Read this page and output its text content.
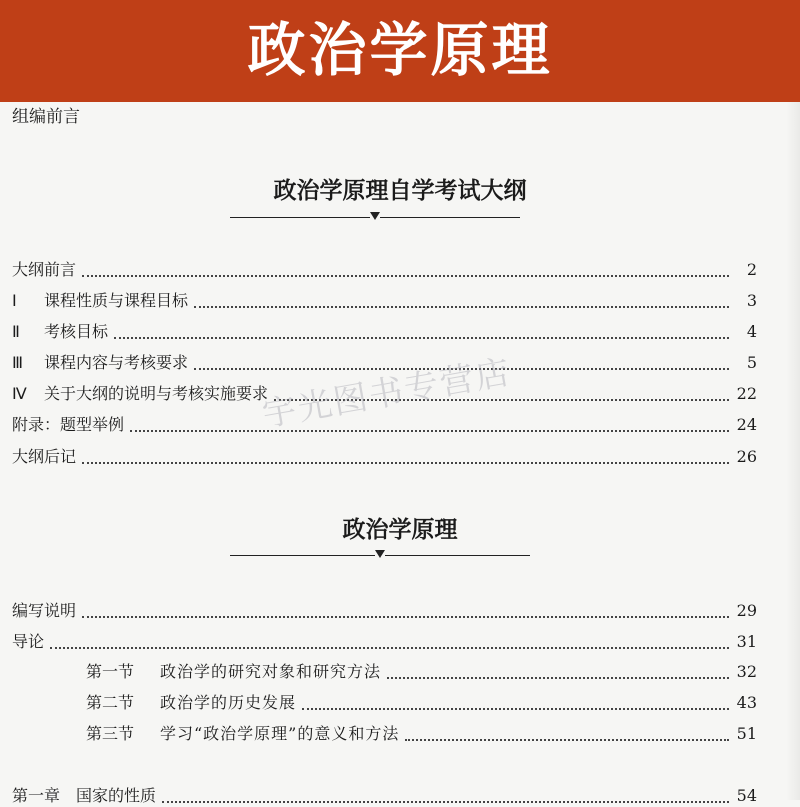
政治学原理
组编前言
政治学原理自学考试大纲
大纲前言	2
Ⅰ	课程性质与课程目标	3
Ⅱ	考核目标	4
Ⅲ	课程内容与考核要求	5
Ⅳ	关于大纲的说明与考核实施要求	22
附录：题型举例	24
大纲后记	26
政治学原理
编写说明	29
导论	31
第一节	政治学的研究对象和研究方法	32
第二节	政治学的历史发展	43
第三节	学习“政治学原理”的意义和方法	51
第一章　国家的性质	54
宇光图书专营店
